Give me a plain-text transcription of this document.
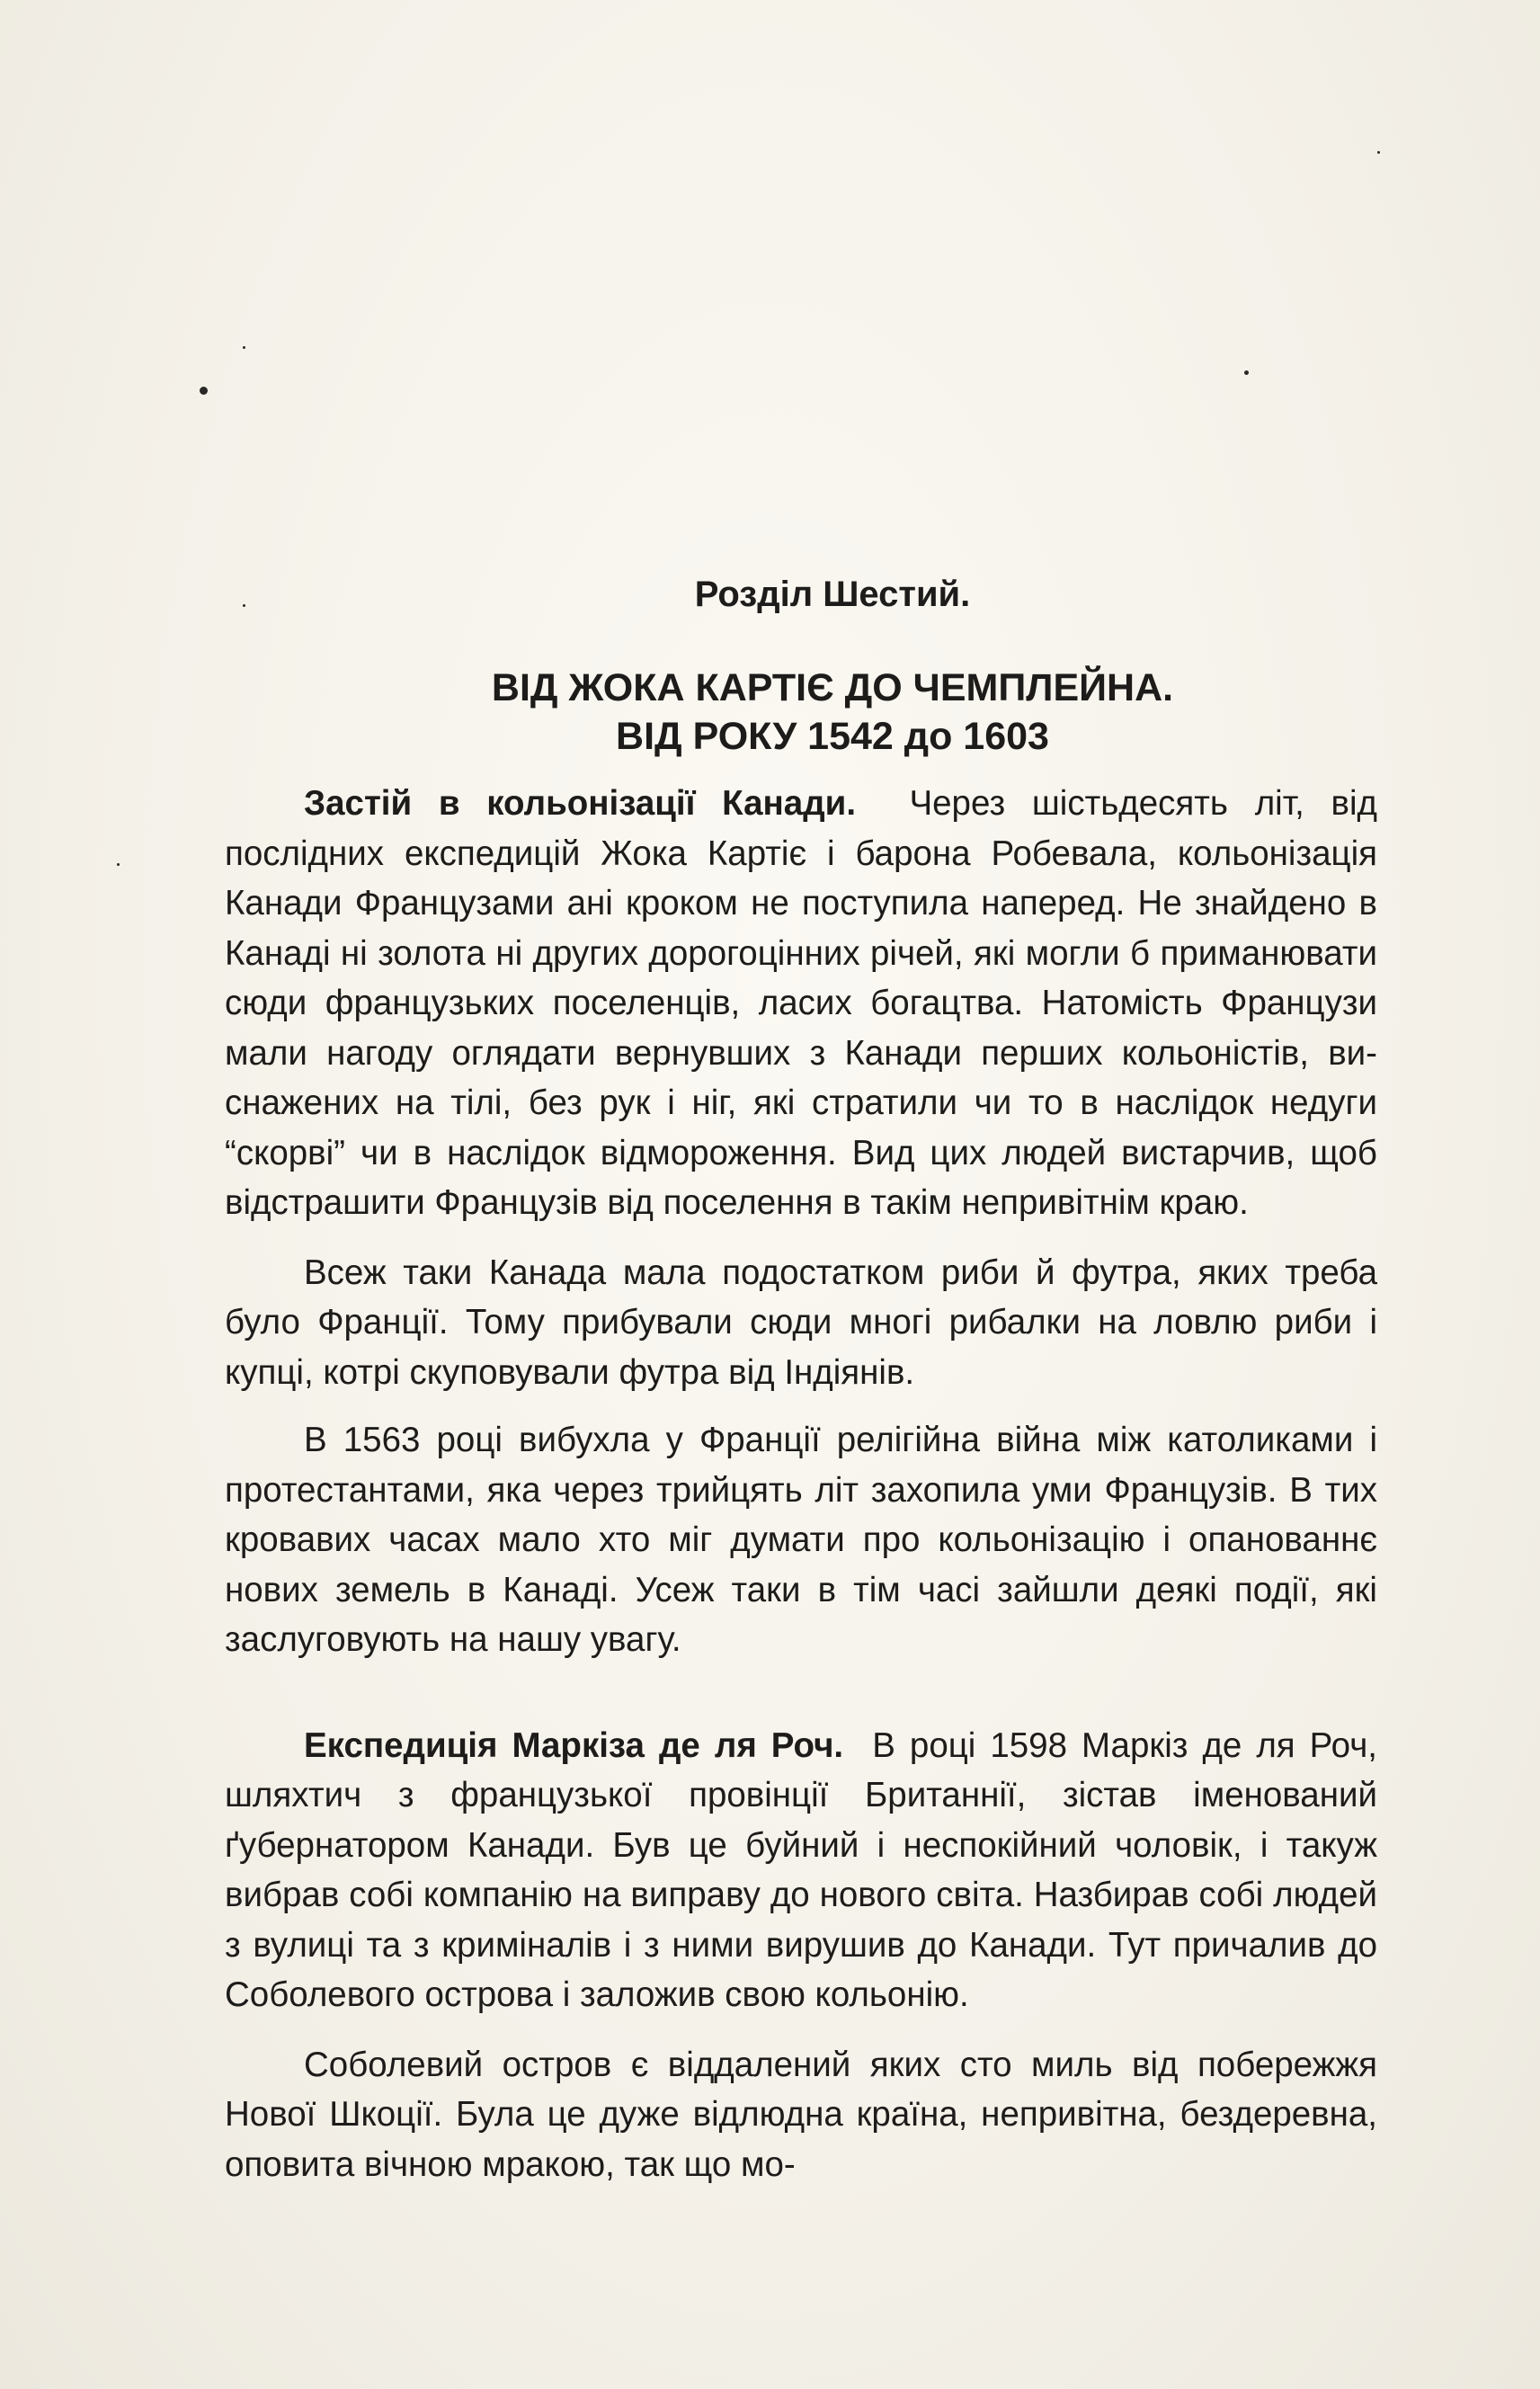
Розділ Шестий.
ВІД ЖОКА КАРТІЄ ДО ЧЕМПЛЕЙНА.
ВІД РОКУ 1542 до 1603

Застій в кольонізації Канади. Через шістьдесять літ, від послідних експедицій Жока Картіє і барона Робевала, кольонізація Канади Французами ані кроком не поступила наперед. Не знайдено в Канаді ні золота ні других дорогоцінних річей, які могли б приманювати сюди французьких поселенців, ласих богацтва. Натомість Французи мали нагоду оглядати вернувших з Канади перших кольоністів, виснажених на тілі, без рук і ніг, які стратили чи то в наслідок недуги “скорві” чи в наслідок відмороження. Вид цих людей вистарчив, щоб відстрашити Французів від поселення в такім непривітнім краю.

Всеж таки Канада мала подостатком риби й футра, яких треба було Франції. Тому прибували сюди многі рибалки на ловлю риби і купці, котрі скуповували футра від Індіянів.

В 1563 році вибухла у Франції релігійна війна між католиками і протестантами, яка через трийцять літ захопила уми Французів. В тих кровавих часах мало хто міг думати про кольонізацію і опанованнє нових земель в Канаді. Усеж таки в тім часі зайшли деякі події, які заслуговують на нашу увагу.

Експедиція Маркіза де ля Роч. В році 1598 Маркіз де ля Роч, шляхтич з французької провінції Британнії, зістав іменований ґубернатором Канади. Був це буйний і неспокійний чоловік, і такуж вибрав собі компанію на виправу до нового світа. Назбирав собі людей з вулиці та з криміналів і з ними вирушив до Канади. Тут причалив до Соболевого острова і заложив свою кольонію.

Соболевий остров є віддалений яких сто миль від побережжя Нової Шкоції. Була це дуже відлюдна країна, непривітна, бездеревна, оповита вічною мракою, так що мо-
